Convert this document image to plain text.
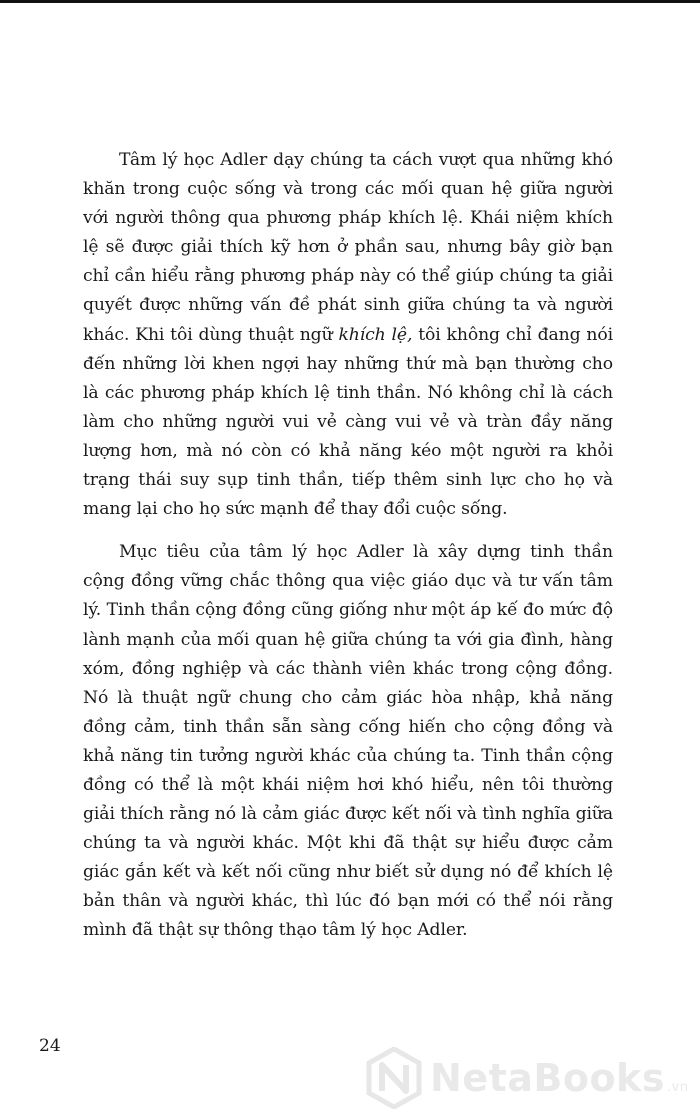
Tâm lý học Adler dạy chúng ta cách vượt qua những khó khăn trong cuộc sống và trong các mối quan hệ giữa người với người thông qua phương pháp khích lệ. Khái niệm khích lệ sẽ được giải thích kỹ hơn ở phần sau, nhưng bây giờ bạn chỉ cần hiểu rằng phương pháp này có thể giúp chúng ta giải quyết được những vấn đề phát sinh giữa chúng ta và người khác. Khi tôi dùng thuật ngữ khích lệ, tôi không chỉ đang nói đến những lời khen ngợi hay những thứ mà bạn thường cho là các phương pháp khích lệ tinh thần. Nó không chỉ là cách làm cho những người vui vẻ càng vui vẻ và tràn đầy năng lượng hơn, mà nó còn có khả năng kéo một người ra khỏi trạng thái suy sụp tinh thần, tiếp thêm sinh lực cho họ và mang lại cho họ sức mạnh để thay đổi cuộc sống.

Mục tiêu của tâm lý học Adler là xây dựng tinh thần cộng đồng vững chắc thông qua việc giáo dục và tư vấn tâm lý. Tinh thần cộng đồng cũng giống như một áp kế đo mức độ lành mạnh của mối quan hệ giữa chúng ta với gia đình, hàng xóm, đồng nghiệp và các thành viên khác trong cộng đồng. Nó là thuật ngữ chung cho cảm giác hòa nhập, khả năng đồng cảm, tinh thần sẵn sàng cống hiến cho cộng đồng và khả năng tin tưởng người khác của chúng ta. Tinh thần cộng đồng có thể là một khái niệm hơi khó hiểu, nên tôi thường giải thích rằng nó là cảm giác được kết nối và tình nghĩa giữa chúng ta và người khác. Một khi đã thật sự hiểu được cảm giác gắn kết và kết nối cũng như biết sử dụng nó để khích lệ bản thân và người khác, thì lúc đó bạn mới có thể nói rằng mình đã thật sự thông thạo tâm lý học Adler.

24
NetaBooks .vn
